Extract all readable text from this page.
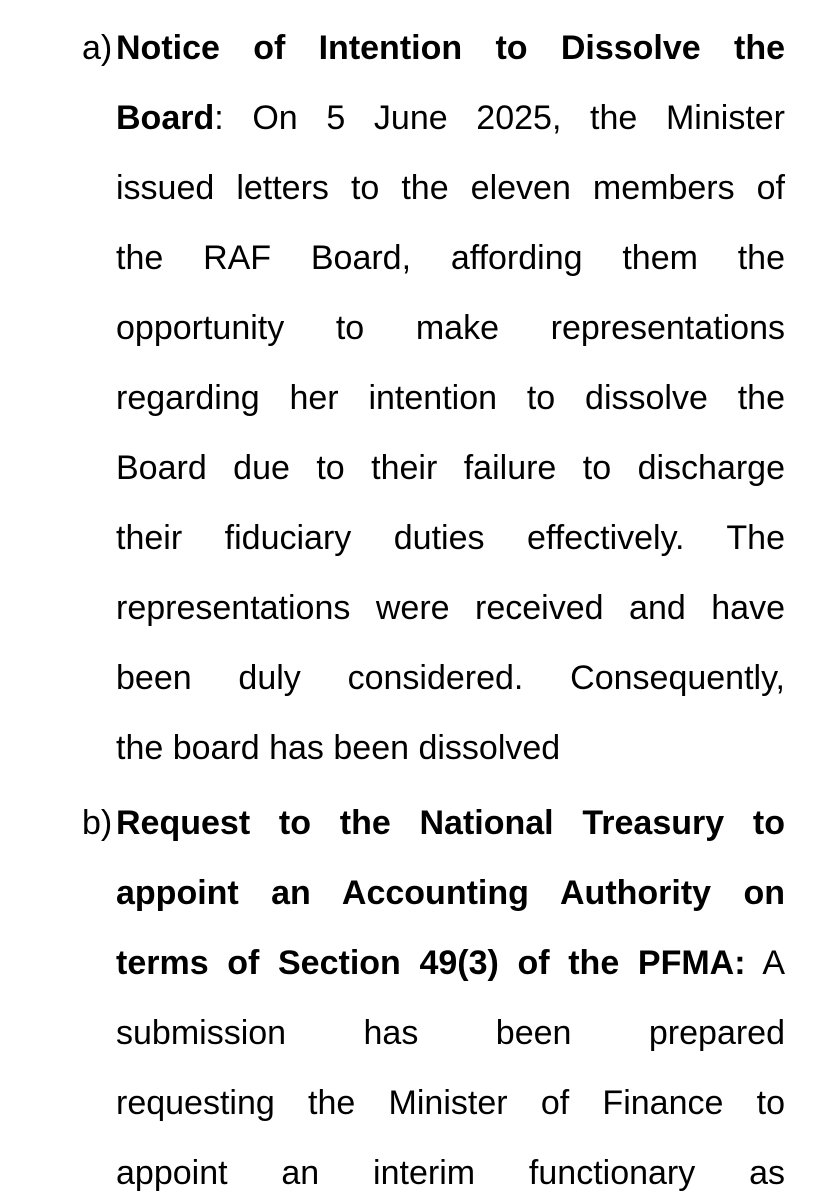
a) Notice of Intention to Dissolve the
Board: On 5 June 2025, the Minister
issued letters to the eleven members of
the RAF Board, affording them the
opportunity to make representations
regarding her intention to dissolve the
Board due to their failure to discharge
their fiduciary duties effectively. The
representations were received and have
been duly considered. Consequently,
the board has been dissolved
b) Request to the National Treasury to
appoint an Accounting Authority on
terms of Section 49(3) of the PFMA: A
submission has been prepared
requesting the Minister of Finance to
appoint an interim functionary as
